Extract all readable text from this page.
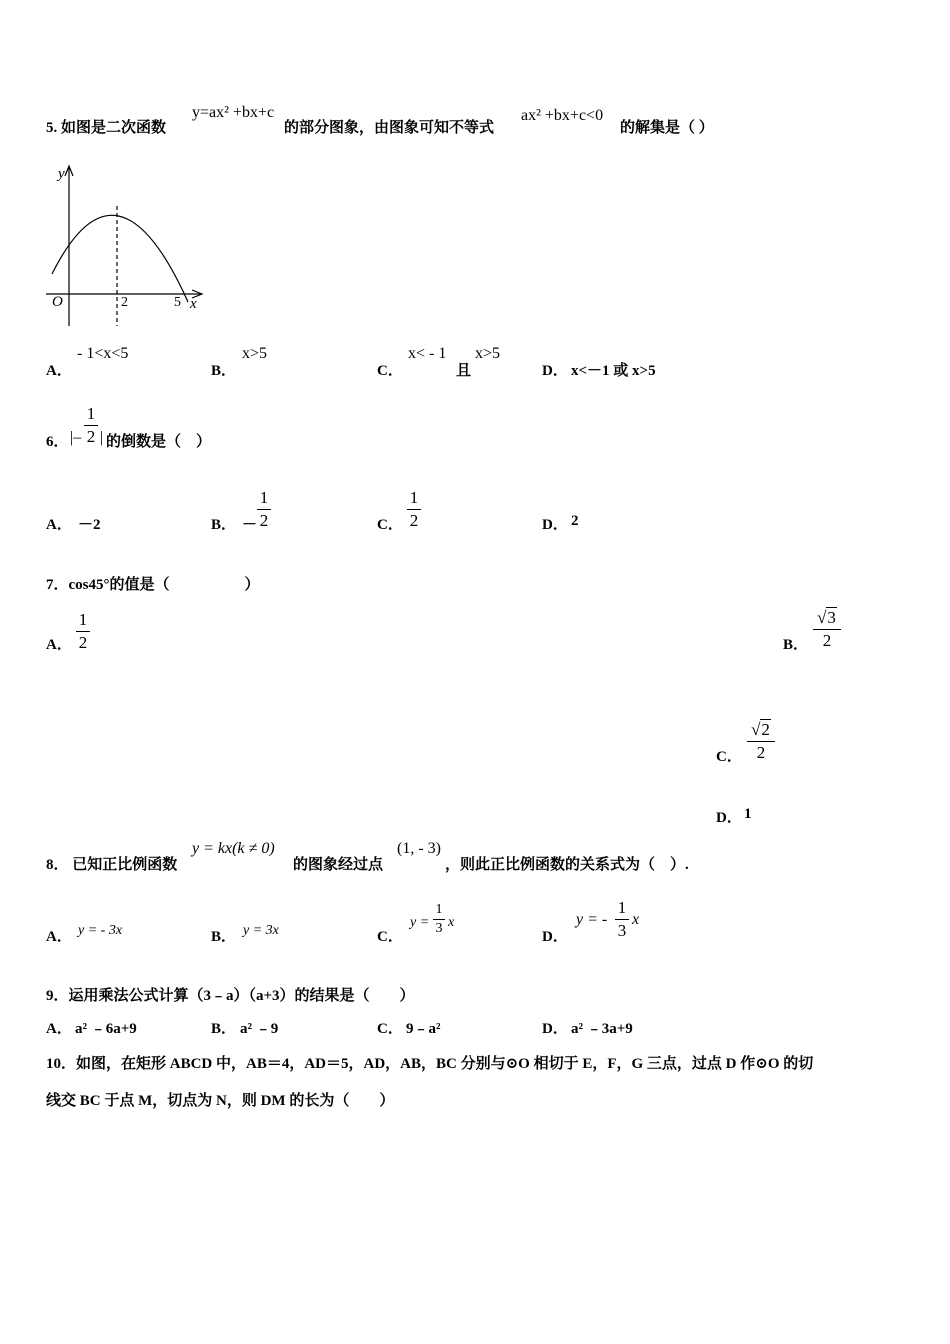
5. 如图是二次函数
y=ax² +bx+c
的部分图象，由图象可知不等式
ax² +bx+c<0
的解集是（ ）
y
O	2	5 x
A．
- 1<x<5
B．
x>5
C．
x< - 1
且
x>5
D． x<－1 或 x>5
6． |–
1
2 | 的倒数是（　）
A． －2	B． －
1
2	C．
1
2	D． 2
7．cos45°的值是（　　　　　）
A．
1
2	B．
√3
2
C．
√2
2
D． 1
8． 已知正比例函数
y = kx(k ≠ 0)
的图象经过点
(1, - 3)
，则此正比例函数的关系式为（　）.
A． y = - 3x	B． y = 3x	C．
y =
1
3 x
D．
y = -
1
3
x
9．运用乘法公式计算（3﹣a）（a+3）的结果是（　　）
A． a² ﹣6a+9	B． a² ﹣9	C． 9﹣a²	D． a² ﹣3a+9
10．如图，在矩形 ABCD 中，AB＝4，AD＝5，AD，AB，BC 分别与⊙O 相切于 E，F，G 三点，过点 D 作⊙O 的切
线交 BC 于点 M，切点为 N，则 DM 的长为（　　）
